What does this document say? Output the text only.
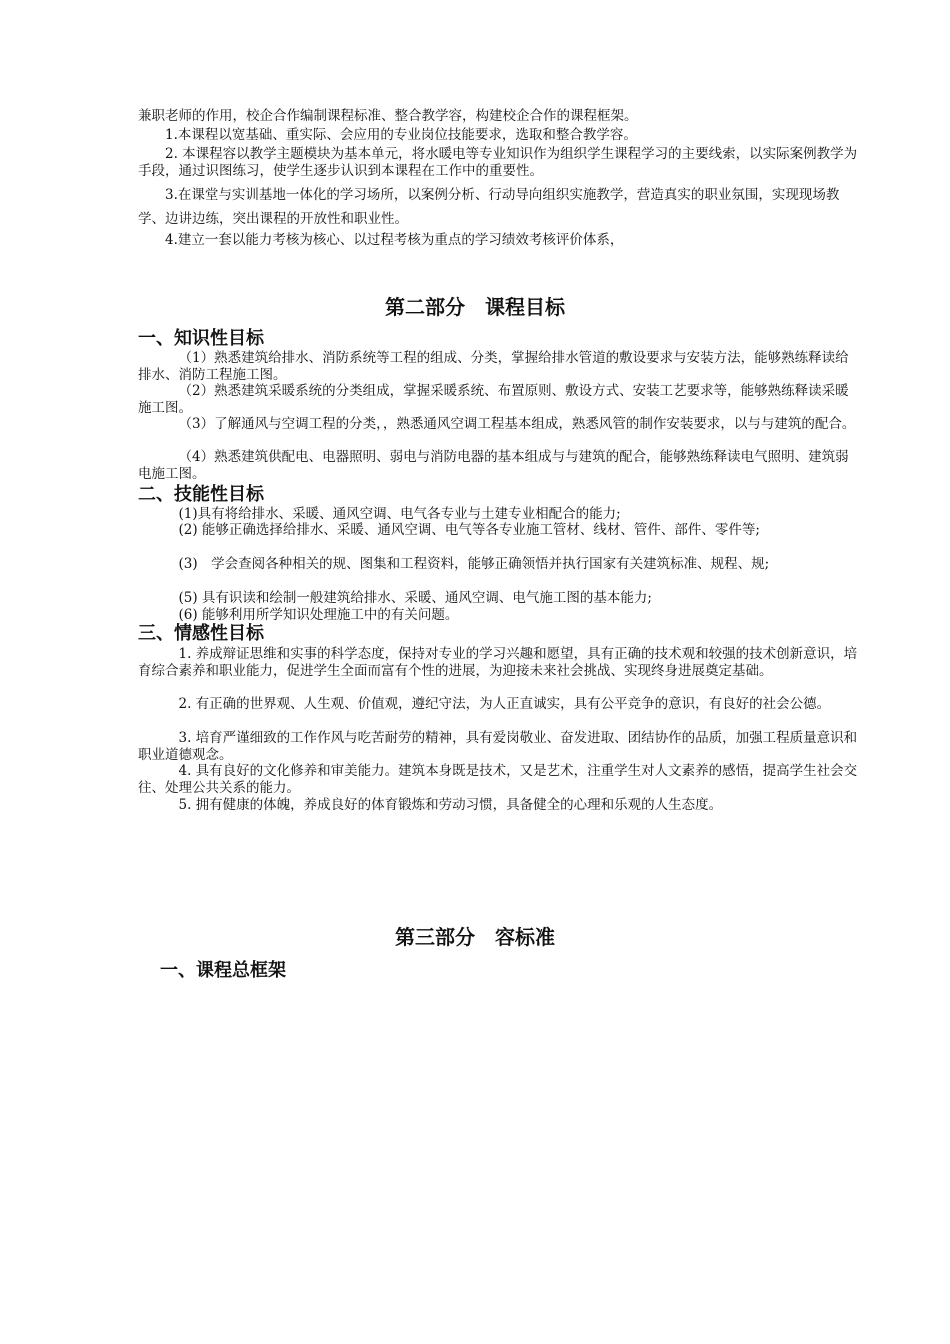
兼职老师的作用，校企合作编制课程标准、整合教学容，构建校企合作的课程框架。

1.本课程以宽基础、重实际、会应用的专业岗位技能要求，选取和整合教学容。

2. 本课程容以教学主题模块为基本单元，将水暖电等专业知识作为组织学生课程学习的主要线索，以实际案例教学为手段，通过识图练习，使学生逐步认识到本课程在工作中的重要性。

3.在课堂与实训基地一体化的学习场所，以案例分析、行动导向组织实施教学，营造真实的职业氛围，实现现场教学、边讲边练，突出课程的开放性和职业性。

4.建立一套以能力考核为核心、以过程考核为重点的学习绩效考核评价体系，

第二部分　课程目标
一、知识性目标

（1）熟悉建筑给排水、消防系统等工程的组成、分类，掌握给排水管道的敷设要求与安装方法，能够熟练释读给排水、消防工程施工图。

（2）熟悉建筑采暖系统的分类组成，掌握采暖系统、布置原则、敷设方式、安装工艺要求等，能够熟练释读采暖施工图。

（3）了解通风与空调工程的分类，，熟悉通风空调工程基本组成，熟悉风管的制作安装要求，以与与建筑的配合。

（4）熟悉建筑供配电、电器照明、弱电与消防电器的基本组成与与建筑的配合，能够熟练释读电气照明、建筑弱电施工图。

二、技能性目标

(1)具有将给排水、采暖、通风空调、电气各专业与土建专业相配合的能力;

(2) 能够正确选择给排水、采暖、通风空调、电气等各专业施工管材、线材、管件、部件、零件等;

(3)　学会查阅各种相关的规、图集和工程资料，能够正确领悟并执行国家有关建筑标准、规程、规;

(5) 具有识读和绘制一般建筑给排水、采暖、通风空调、电气施工图的基本能力;

(6) 能够利用所学知识处理施工中的有关问题。

三、情感性目标

1. 养成辩证思维和实事的科学态度，保持对专业的学习兴趣和愿望，具有正确的技术观和较强的技术创新意识，培育综合素养和职业能力，促进学生全面而富有个性的进展，为迎接未来社会挑战、实现终身进展奠定基础。

2. 有正确的世界观、人生观、价值观，遵纪守法，为人正直诚实，具有公平竞争的意识，有良好的社会公德。

3. 培育严谨细致的工作作风与吃苦耐劳的精神，具有爱岗敬业、奋发进取、团结协作的品质，加强工程质量意识和职业道德观念。

4. 具有良好的文化修养和审美能力。建筑本身既是技术，又是艺术，注重学生对人文素养的感悟，提高学生社会交往、处理公共关系的能力。

5. 拥有健康的体魄，养成良好的体育锻炼和劳动习惯，具备健全的心理和乐观的人生态度。

第三部分　容标准
一、课程总框架
